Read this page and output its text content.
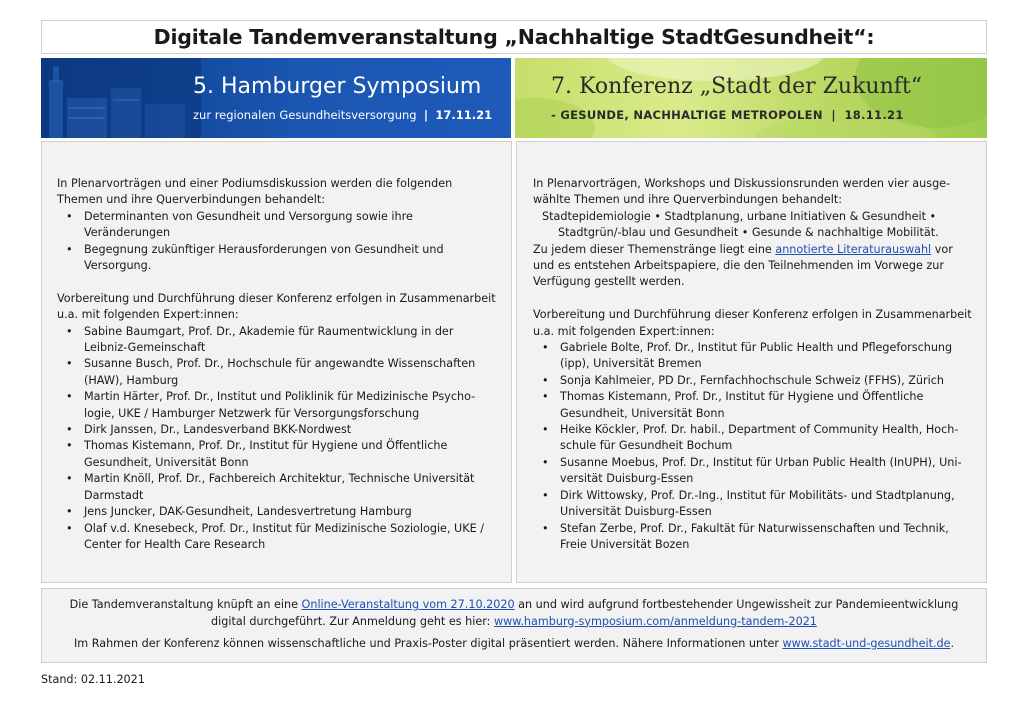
Digitale Tandemveranstaltung „Nachhaltige StadtGesundheit“:
5. Hamburger Symposium
zur regionalen Gesundheitsversorgung | 17.11.21
7. Konferenz „Stadt der Zukunft“
- GESUNDE, NACHHALTIGE METROPOLEN | 18.11.21

In Plenarvorträgen und einer Podiumsdiskussion werden die folgenden
Themen und ihre Querverbindungen behandelt:

• Determinanten von Gesundheit und Versorgung sowie ihre
Veränderungen
• Begegnung zukünftiger Herausforderungen von Gesundheit und
Versorgung.

Vorbereitung und Durchführung dieser Konferenz erfolgen in Zusammenarbeit
u.a. mit folgenden Expert:innen:

• Sabine Baumgart, Prof. Dr., Akademie für Raumentwicklung in der
Leibniz-Gemeinschaft
• Susanne Busch, Prof. Dr., Hochschule für angewandte Wissenschaften
(HAW), Hamburg
• Martin Härter, Prof. Dr., Institut und Poliklinik für Medizinische Psycho-
logie, UKE / Hamburger Netzwerk für Versorgungsforschung
• Dirk Janssen, Dr., Landesverband BKK-Nordwest
• Thomas Kistemann, Prof. Dr., Institut für Hygiene und Öffentliche
Gesundheit, Universität Bonn
• Martin Knöll, Prof. Dr., Fachbereich Architektur, Technische Universität
Darmstadt
• Jens Juncker, DAK-Gesundheit, Landesvertretung Hamburg
• Olaf v.d. Knesebeck, Prof. Dr., Institut für Medizinische Soziologie, UKE /
Center for Health Care Research

In Plenarvorträgen, Workshops und Diskussionsrunden werden vier ausge-
wählte Themen und ihre Querverbindungen behandelt:

Stadtepidemiologie • Stadtplanung, urbane Initiativen & Gesundheit •
Stadtgrün/-blau und Gesundheit • Gesunde & nachhaltige Mobilität.

Zu jedem dieser Themenstränge liegt eine annotierte Literaturauswahl vor
und es entstehen Arbeitspapiere, die den Teilnehmenden im Vorwege zur
Verfügung gestellt werden.

Vorbereitung und Durchführung dieser Konferenz erfolgen in Zusammenarbeit
u.a. mit folgenden Expert:innen:

• Gabriele Bolte, Prof. Dr., Institut für Public Health und Pflegeforschung
(ipp), Universität Bremen
• Sonja Kahlmeier, PD Dr., Fernfachhochschule Schweiz (FFHS), Zürich
• Thomas Kistemann, Prof. Dr., Institut für Hygiene und Öffentliche
Gesundheit, Universität Bonn
• Heike Köckler, Prof. Dr. habil., Department of Community Health, Hoch-
schule für Gesundheit Bochum
• Susanne Moebus, Prof. Dr., Institut für Urban Public Health (InUPH), Uni-
versität Duisburg-Essen
• Dirk Wittowsky, Prof. Dr.-Ing., Institut für Mobilitäts- und Stadtplanung,
Universität Duisburg-Essen
• Stefan Zerbe, Prof. Dr., Fakultät für Naturwissenschaften und Technik,
Freie Universität Bozen

Die Tandemveranstaltung knüpft an eine Online-Veranstaltung vom 27.10.2020 an und wird aufgrund fortbestehender Ungewissheit zur Pandemieentwicklung
digital durchgeführt. Zur Anmeldung geht es hier: www.hamburg-symposium.com/anmeldung-tandem-2021

Im Rahmen der Konferenz können wissenschaftliche und Praxis-Poster digital präsentiert werden. Nähere Informationen unter www.stadt-und-gesundheit.de.

Stand: 02.11.2021
